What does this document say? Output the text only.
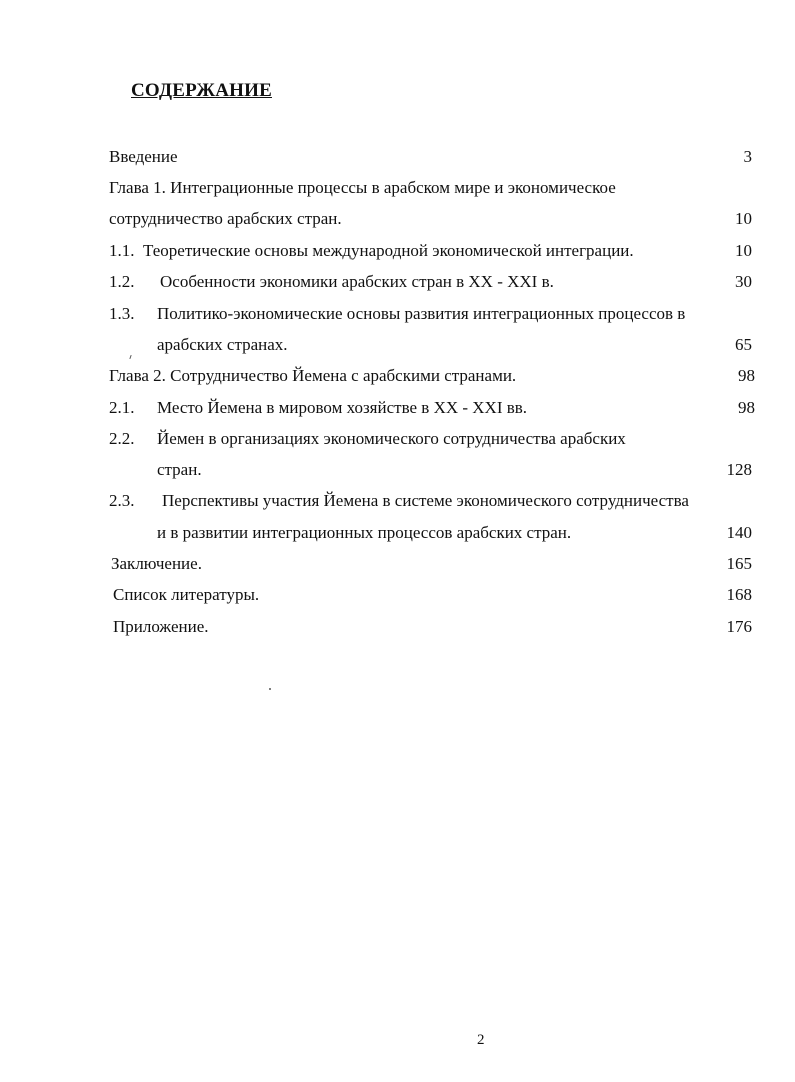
СОДЕРЖАНИЕ
Введение	3
Глава 1. Интеграционные процессы в арабском мире и экономическое
сотрудничество арабских стран.	10
1.1. Теоретические основы международной экономической интеграции.	10
1.2. Особенности экономики арабских стран в XX - XXI в.	30
1.3. Политико-экономические основы развития интеграционных процессов в
арабских странах.	65
Глава 2. Сотрудничество Йемена с арабскими странами.	98
2.1. Место Йемена в мировом хозяйстве в XX - XXI вв.	98
2.2. Йемен в организациях экономического сотрудничества арабских
стран.	128
2.3. Перспективы участия Йемена в системе экономического сотрудничества
и в развитии интеграционных процессов арабских стран.	140
Заключение.	165
Список литературы.	168
Приложение.	176
2
